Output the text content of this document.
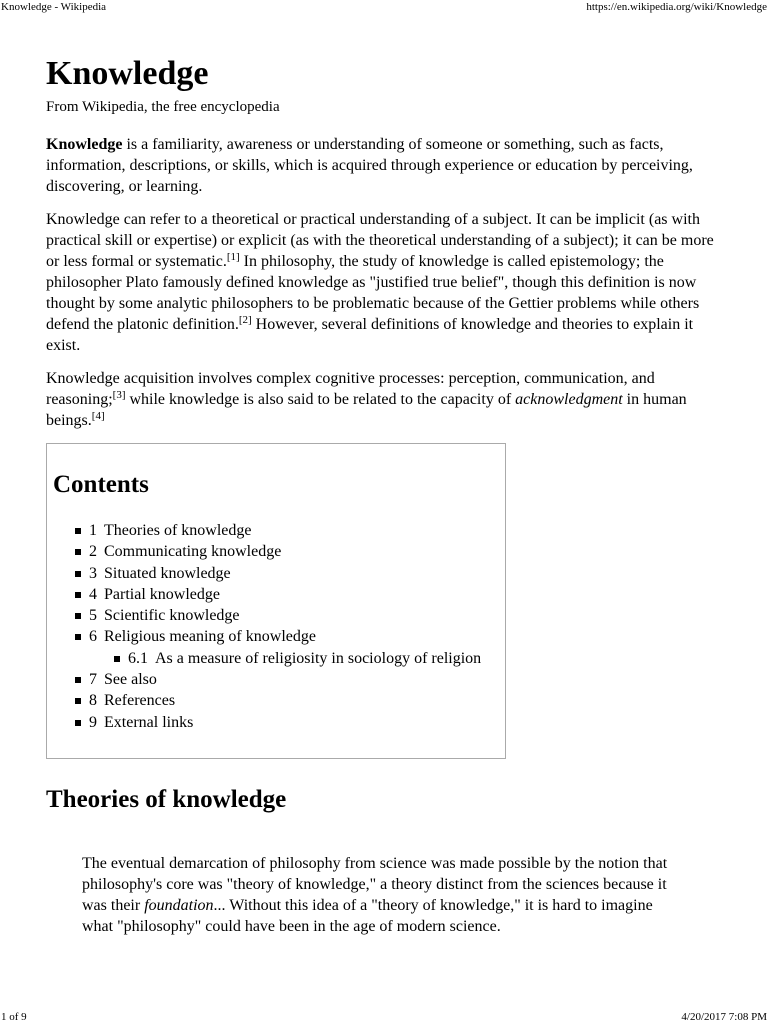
Knowledge - Wikipedia	https://en.wikipedia.org/wiki/Knowledge
Knowledge
From Wikipedia, the free encyclopedia

Knowledge is a familiarity, awareness or understanding of someone or something, such as facts, information, descriptions, or skills, which is acquired through experience or education by perceiving, discovering, or learning.

Knowledge can refer to a theoretical or practical understanding of a subject. It can be implicit (as with practical skill or expertise) or explicit (as with the theoretical understanding of a subject); it can be more or less formal or systematic.[1] In philosophy, the study of knowledge is called epistemology; the philosopher Plato famously defined knowledge as "justified true belief", though this definition is now thought by some analytic philosophers to be problematic because of the Gettier problems while others defend the platonic definition.[2] However, several definitions of knowledge and theories to explain it exist.

Knowledge acquisition involves complex cognitive processes: perception, communication, and reasoning;[3] while knowledge is also said to be related to the capacity of acknowledgment in human beings.[4]

Contents
1 Theories of knowledge
2 Communicating knowledge
3 Situated knowledge
4 Partial knowledge
5 Scientific knowledge
6 Religious meaning of knowledge
6.1 As a measure of religiosity in sociology of religion
7 See also
8 References
9 External links
Theories of knowledge
The eventual demarcation of philosophy from science was made possible by the notion that philosophy's core was "theory of knowledge," a theory distinct from the sciences because it was their foundation... Without this idea of a "theory of knowledge," it is hard to imagine what "philosophy" could have been in the age of modern science.
1 of 9	4/20/2017 7:08 PM
